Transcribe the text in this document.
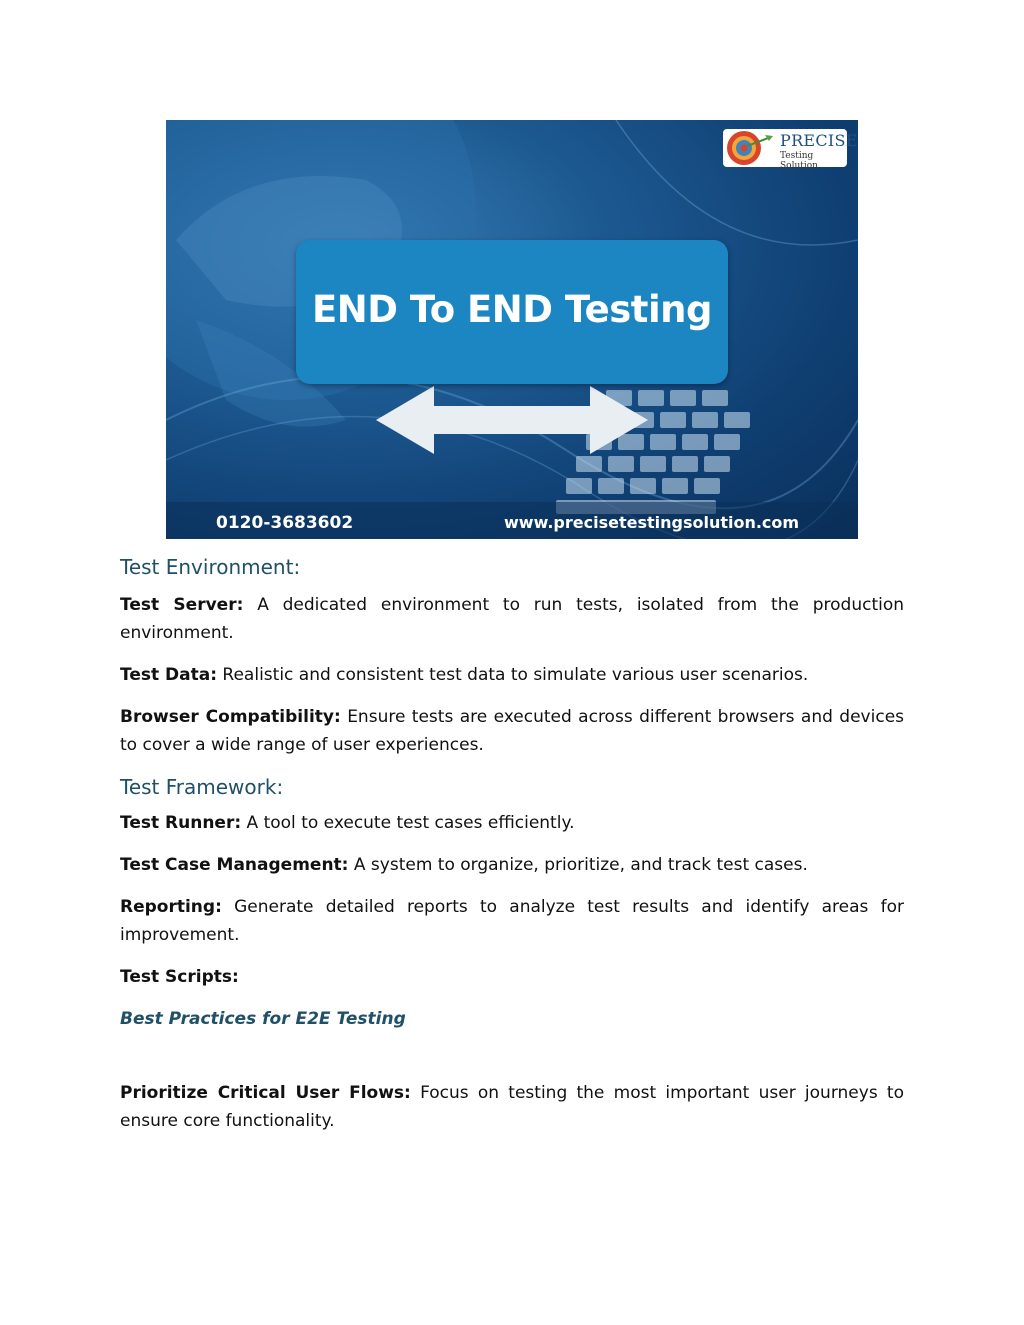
PRECISE
Testing Solution
END To END Testing
0120-3683602	www.precisetestingsolution.com
Test Environment:

Test Server: A dedicated environment to run tests, isolated from the production environment.

Test Data: Realistic and consistent test data to simulate various user scenarios.

Browser Compatibility: Ensure tests are executed across different browsers and devices to cover a wide range of user experiences.

Test Framework:

Test Runner: A tool to execute test cases efficiently.

Test Case Management: A system to organize, prioritize, and track test cases.

Reporting: Generate detailed reports to analyze test results and identify areas for improvement.

Test Scripts:

Best Practices for E2E Testing

Prioritize Critical User Flows: Focus on testing the most important user journeys to ensure core functionality.
